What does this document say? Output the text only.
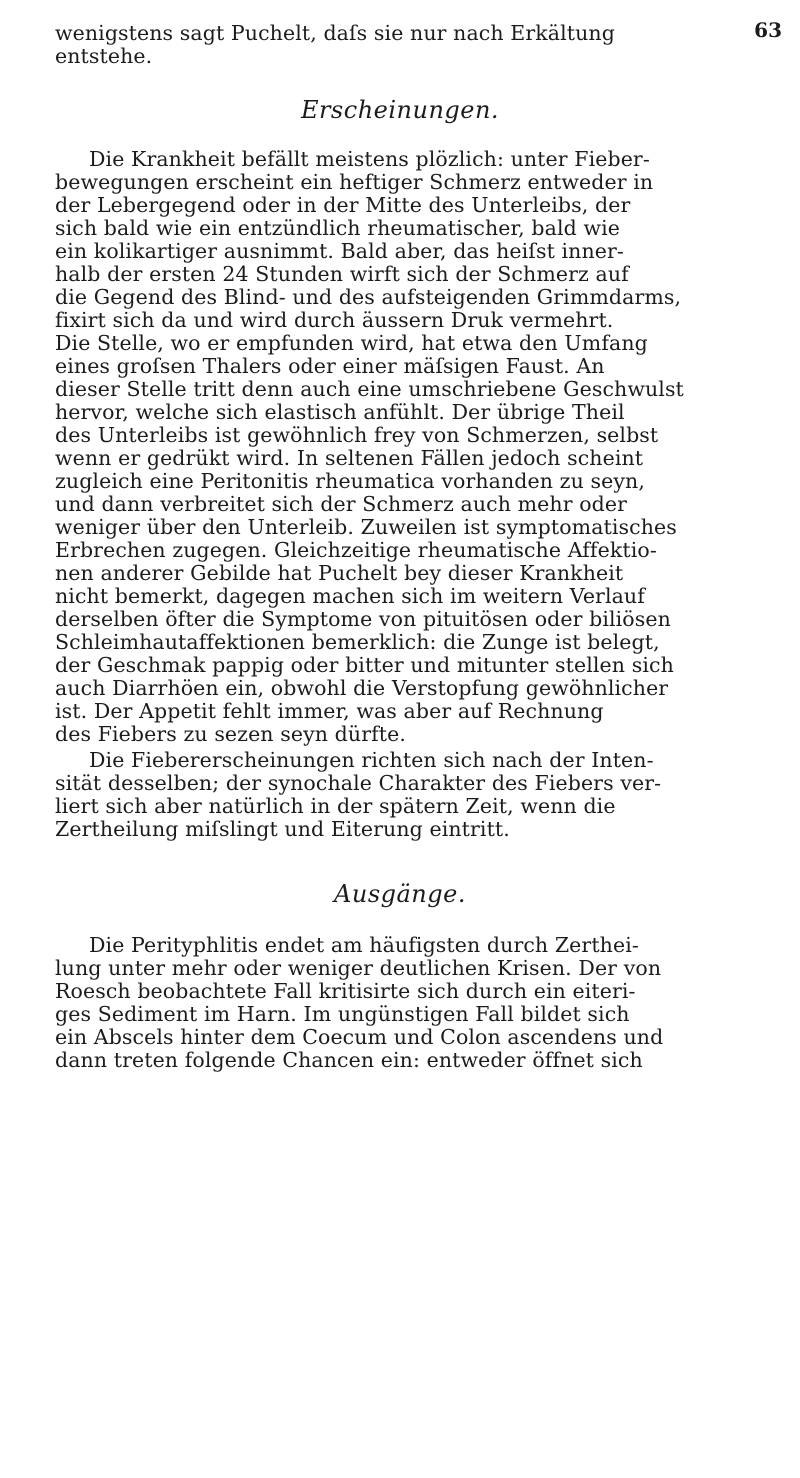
63
wenigstens sagt Puchelt, daſs sie nur nach Erkältung
entstehe.
Erscheinungen.
Die Krankheit befällt meistens plözlich: unter Fieber-
bewegungen erscheint ein heftiger Schmerz entweder in
der Lebergegend oder in der Mitte des Unterleibs, der
sich bald wie ein entzündlich rheumatischer, bald wie
ein kolikartiger ausnimmt. Bald aber, das heiſst inner-
halb der ersten 24 Stunden wirft sich der Schmerz auf
die Gegend des Blind- und des aufsteigenden Grimmdarms,
fixirt sich da und wird durch äussern Druk vermehrt.
Die Stelle, wo er empfunden wird, hat etwa den Umfang
eines groſsen Thalers oder einer mäſsigen Faust. An
dieser Stelle tritt denn auch eine umschriebene Geschwulst
hervor, welche sich elastisch anfühlt. Der übrige Theil
des Unterleibs ist gewöhnlich frey von Schmerzen, selbst
wenn er gedrükt wird. In seltenen Fällen jedoch scheint
zugleich eine Peritonitis rheumatica vorhanden zu seyn,
und dann verbreitet sich der Schmerz auch mehr oder
weniger über den Unterleib. Zuweilen ist symptomatisches
Erbrechen zugegen. Gleichzeitige rheumatische Affektio-
nen anderer Gebilde hat Puchelt bey dieser Krankheit
nicht bemerkt, dagegen machen sich im weitern Verlauf
derselben öfter die Symptome von pituitösen oder biliösen
Schleimhautaffektionen bemerklich: die Zunge ist belegt,
der Geschmak pappig oder bitter und mitunter stellen sich
auch Diarrhöen ein, obwohl die Verstopfung gewöhnlicher
ist. Der Appetit fehlt immer, was aber auf Rechnung
des Fiebers zu sezen seyn dürfte.
Die Fiebererscheinungen richten sich nach der Inten-
sität desselben; der synochale Charakter des Fiebers ver-
liert sich aber natürlich in der spätern Zeit, wenn die
Zertheilung miſslingt und Eiterung eintritt.
Ausgänge.
Die Perityphlitis endet am häufigsten durch Zerthei-
lung unter mehr oder weniger deutlichen Krisen. Der von
Roesch beobachtete Fall kritisirte sich durch ein eiteri-
ges Sediment im Harn. Im ungünstigen Fall bildet sich
ein Abscels hinter dem Coecum und Colon ascendens und
dann treten folgende Chancen ein: entweder öffnet sich
